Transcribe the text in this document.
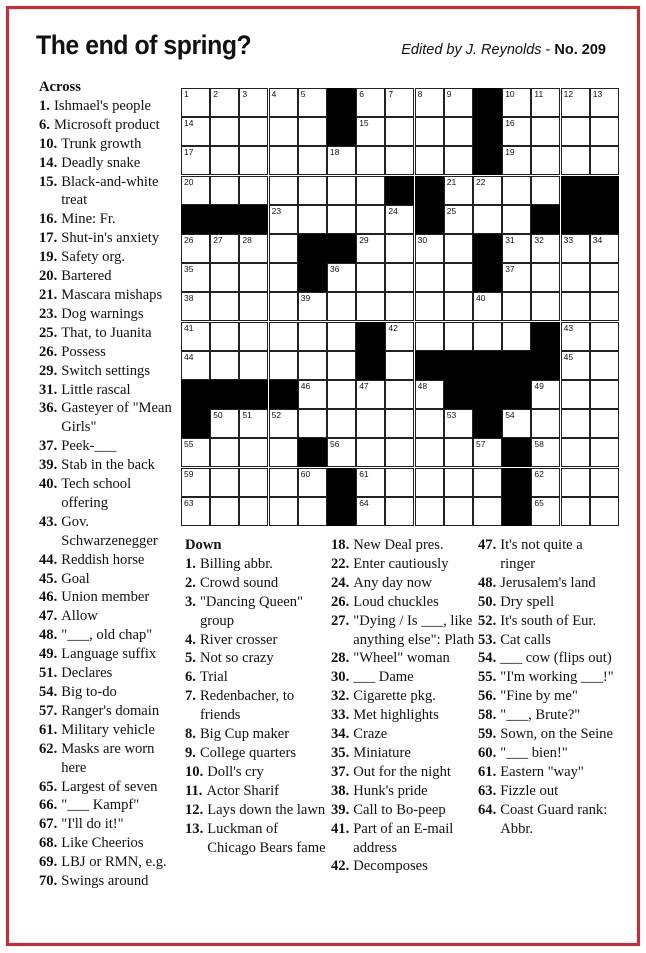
The end of spring?	Edited by J. Reynolds - No. 209
Across
1. Ishmael's people
6. Microsoft product
10. Trunk growth
14. Deadly snake
15. Black-and-white treat
16. Mine: Fr.
17. Shut-in's anxiety
19. Safety org.
20. Bartered
21. Mascara mishaps
23. Dog warnings
25. That, to Juanita
26. Possess
29. Switch settings
31. Little rascal
36. Gasteyer of "Mean Girls"
37. Peek-___
39. Stab in the back
40. Tech school offering
43. Gov. Schwarzenegger
44. Reddish horse
45. Goal
46. Union member
47. Allow
48. "___, old chap"
49. Language suffix
51. Declares
54. Big to-do
57. Ranger's domain
61. Military vehicle
62. Masks are worn here
65. Largest of seven
66. "___ Kampf"
67. "I'll do it!"
68. Like Cheerios
69. LBJ or RMN, e.g.
70. Swings around
1	2	3	4	5	6	7	8	9	10 11 12 13
14	15	16
17	18	19
20	21 22
23	24	25
26 27 28	29	30	31 32 33 34
35	36	37
38	39	40
41	42	43
44	45
46	47	48	49
50 51 52	53	54
55	56	57	58
59	60	61	62
63	64	65
Down
1. Billing abbr.
2. Crowd sound
3. "Dancing Queen" group
4. River crosser
5. Not so crazy
6. Trial
7. Redenbacher, to friends
8. Big Cup maker
9. College quarters
10. Doll's cry
11. Actor Sharif
12. Lays down the lawn
13. Luckman of Chicago Bears fame
18. New Deal pres.
22. Enter cautiously
24. Any day now
26. Loud chuckles
27. "Dying / Is ___, like anything else": Plath
28. "Wheel" woman
30. ___ Dame
32. Cigarette pkg.
33. Met highlights
34. Craze
35. Miniature
37. Out for the night
38. Hunk's pride
39. Call to Bo-peep
41. Part of an E-mail address
42. Decomposes
47. It's not quite a ringer
48. Jerusalem's land
50. Dry spell
52. It's south of Eur.
53. Cat calls
54. ___ cow (flips out)
55. "I'm working ___!"
56. "Fine by me"
58. "___, Brute?"
59. Sown, on the Seine
60. "___ bien!"
61. Eastern "way"
63. Fizzle out
64. Coast Guard rank: Abbr.
